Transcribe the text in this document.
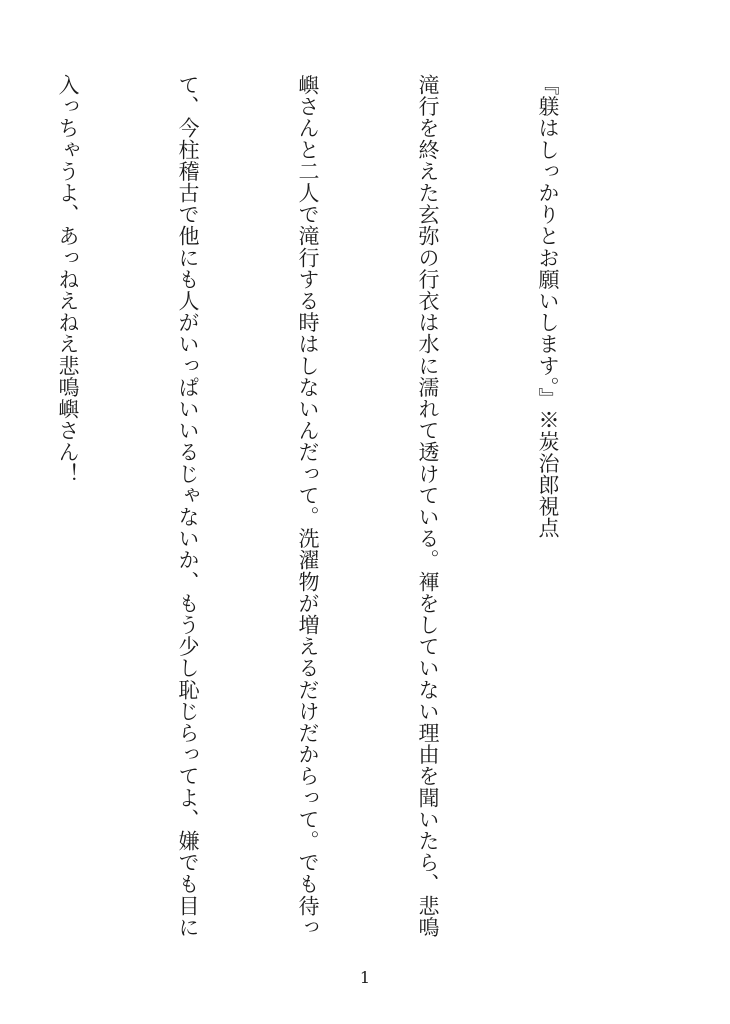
『躾はしっかりとお願いします。』※炭治郎視点

滝行を終えた玄弥の行衣は水に濡れて透けている。褌をしていない理由を聞いたら、悲鳴

嶼さんと二人で滝行する時はしないんだって。洗濯物が増えるだけだからって。でも待っ

て、今柱稽古で他にも人がいっぱいいるじゃないか、もう少し恥じらってよ、嫌でも目に

入っちゃうよ、あっねえねえ悲鳴嶼さん！

1
